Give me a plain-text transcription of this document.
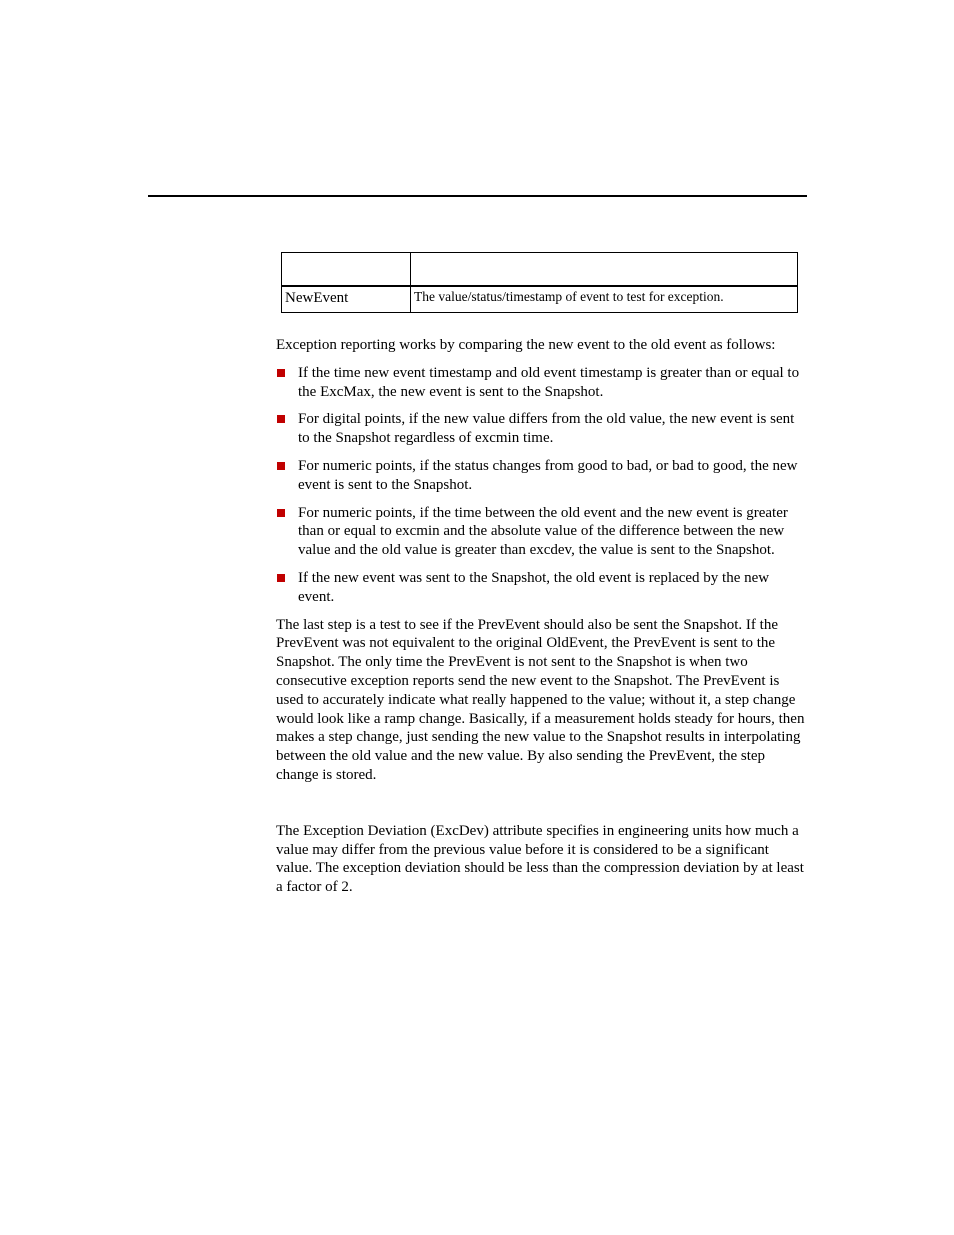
NewEvent	The value/status/timestamp of event to test for exception.

Exception reporting works by comparing the new event to the old event as follows:

If the time new event timestamp and old event timestamp is greater than or equal to the ExcMax, the new event is sent to the Snapshot.
For digital points, if the new value differs from the old value, the new event is sent to the Snapshot regardless of excmin time.
For numeric points, if the status changes from good to bad, or bad to good, the new event is sent to the Snapshot.
For numeric points, if the time between the old event and the new event is greater than or equal to excmin and the absolute value of the difference between the new value and the old value is greater than excdev, the value is sent to the Snapshot.
If the new event was sent to the Snapshot, the old event is replaced by the new event.

The last step is a test to see if the PrevEvent should also be sent the Snapshot. If the PrevEvent was not equivalent to the original OldEvent, the PrevEvent is sent to the Snapshot. The only time the PrevEvent is not sent to the Snapshot is when two consecutive exception reports send the new event to the Snapshot. The PrevEvent is used to accurately indicate what really happened to the value; without it, a step change would look like a ramp change. Basically, if a measurement holds steady for hours, then makes a step change, just sending the new value to the Snapshot results in interpolating between the old value and the new value. By also sending the PrevEvent, the step change is stored.

The Exception Deviation (ExcDev) attribute specifies in engineering units how much a value may differ from the previous value before it is considered to be a significant value. The exception deviation should be less than the compression deviation by at least a factor of 2.
